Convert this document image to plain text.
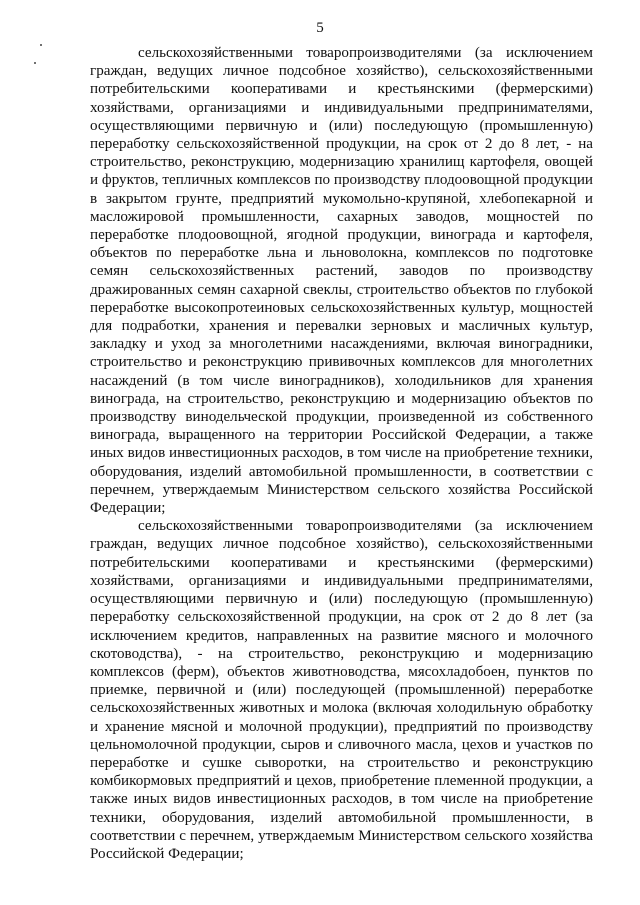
5

сельскохозяйственными товаропроизводителями (за исключением граждан, ведущих личное подсобное хозяйство), сельскохозяйственными потребительскими кооперативами и крестьянскими (фермерскими) хозяйствами, организациями и индивидуальными предпринимателями, осуществляющими первичную и (или) последующую (промышленную) переработку сельскохозяйственной продукции, на срок от 2 до 8 лет, - на строительство, реконструкцию, модернизацию хранилищ картофеля, овощей и фруктов, тепличных комплексов по производству плодоовощной продукции в закрытом грунте, предприятий мукомольно-крупяной, хлебопекарной и масложировой промышленности, сахарных заводов, мощностей по переработке плодоовощной, ягодной продукции, винограда и картофеля, объектов по переработке льна и льноволокна, комплексов по подготовке семян сельскохозяйственных растений, заводов по производству дражированных семян сахарной свеклы, строительство объектов по глубокой переработке высокопротеиновых сельскохозяйственных культур, мощностей для подработки, хранения и перевалки зерновых и масличных культур, закладку и уход за многолетними насаждениями, включая виноградники, строительство и реконструкцию прививочных комплексов для многолетних насаждений (в том числе виноградников), холодильников для хранения винограда, на строительство, реконструкцию и модернизацию объектов по производству винодельческой продукции, произведенной из собственного винограда, выращенного на территории Российской Федерации, а также иных видов инвестиционных расходов, в том числе на приобретение техники, оборудования, изделий автомобильной промышленности, в соответствии с перечнем, утверждаемым Министерством сельского хозяйства Российской Федерации;

сельскохозяйственными товаропроизводителями (за исключением граждан, ведущих личное подсобное хозяйство), сельскохозяйственными потребительскими кооперативами и крестьянскими (фермерскими) хозяйствами, организациями и индивидуальными предпринимателями, осуществляющими первичную и (или) последующую (промышленную) переработку сельскохозяйственной продукции, на срок от 2 до 8 лет (за исключением кредитов, направленных на развитие мясного и молочного скотоводства), - на строительство, реконструкцию и модернизацию комплексов (ферм), объектов животноводства, мясохладобоен, пунктов по приемке, первичной и (или) последующей (промышленной) переработке сельскохозяйственных животных и молока (включая холодильную обработку и хранение мясной и молочной продукции), предприятий по производству цельномолочной продукции, сыров и сливочного масла, цехов и участков по переработке и сушке сыворотки, на строительство и реконструкцию комбикормовых предприятий и цехов, приобретение племенной продукции, а также иных видов инвестиционных расходов, в том числе на приобретение техники, оборудования, изделий автомобильной промышленности, в соответствии с перечнем, утверждаемым Министерством сельского хозяйства Российской Федерации;
